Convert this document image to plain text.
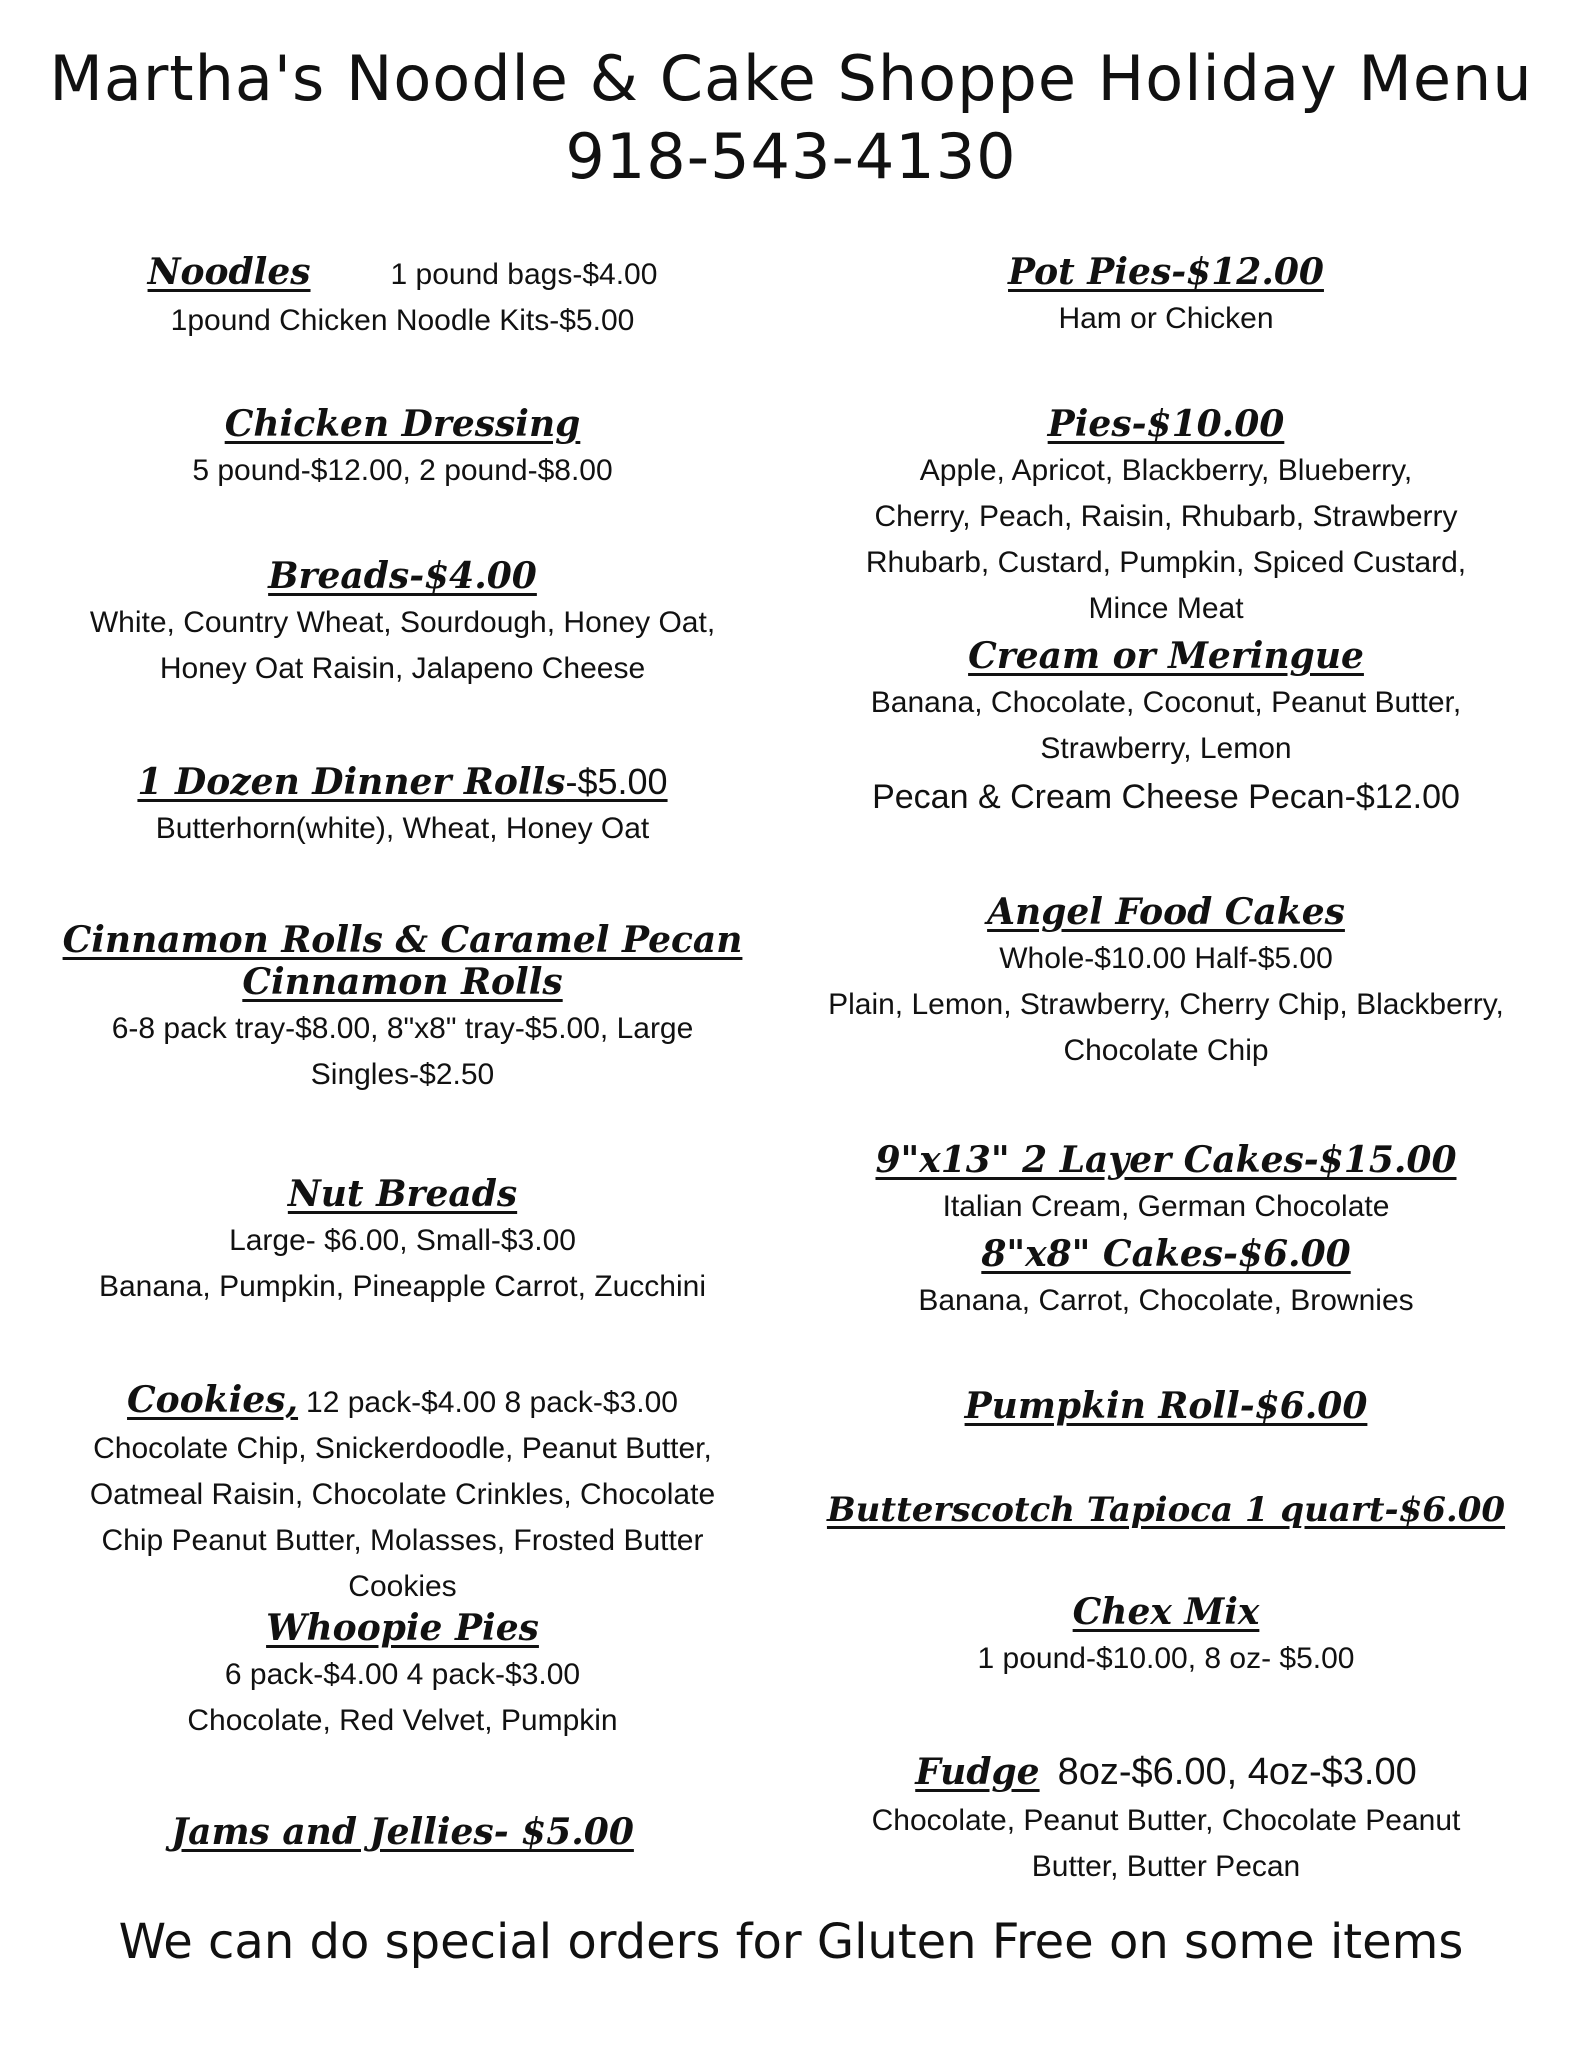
Martha's Noodle & Cake Shoppe Holiday Menu
918-543-4130
Noodles	1 pound bags-$4.00
1pound Chicken Noodle Kits-$5.00
Chicken Dressing
5 pound-$12.00, 2 pound-$8.00
Breads-$4.00
White, Country Wheat, Sourdough, Honey Oat,
Honey Oat Raisin, Jalapeno Cheese
1 Dozen Dinner Rolls-$5.00
Butterhorn(white), Wheat, Honey Oat
Cinnamon Rolls & Caramel Pecan
Cinnamon Rolls
6-8 pack tray-$8.00, 8"x8" tray-$5.00, Large
Singles-$2.50
Nut Breads
Large- $6.00, Small-$3.00
Banana, Pumpkin, Pineapple Carrot, Zucchini
Cookies, 12 pack-$4.00 8 pack-$3.00
Chocolate Chip, Snickerdoodle, Peanut Butter,
Oatmeal Raisin, Chocolate Crinkles, Chocolate
Chip Peanut Butter, Molasses, Frosted Butter
Cookies
Whoopie Pies
6 pack-$4.00 4 pack-$3.00
Chocolate, Red Velvet, Pumpkin
Jams and Jellies- $5.00
Pot Pies-$12.00
Ham or Chicken
Pies-$10.00
Apple, Apricot, Blackberry, Blueberry,
Cherry, Peach, Raisin, Rhubarb, Strawberry
Rhubarb, Custard, Pumpkin, Spiced Custard,
Mince Meat
Cream or Meringue
Banana, Chocolate, Coconut, Peanut Butter,
Strawberry, Lemon
Pecan & Cream Cheese Pecan-$12.00
Angel Food Cakes
Whole-$10.00 Half-$5.00
Plain, Lemon, Strawberry, Cherry Chip, Blackberry,
Chocolate Chip
9"x13" 2 Layer Cakes-$15.00
Italian Cream, German Chocolate
8"x8" Cakes-$6.00
Banana, Carrot, Chocolate, Brownies
Pumpkin Roll-$6.00
Butterscotch Tapioca 1 quart-$6.00
Chex Mix
1 pound-$10.00, 8 oz- $5.00
Fudge 8oz-$6.00, 4oz-$3.00
Chocolate, Peanut Butter, Chocolate Peanut
Butter, Butter Pecan
We can do special orders for Gluten Free on some items
